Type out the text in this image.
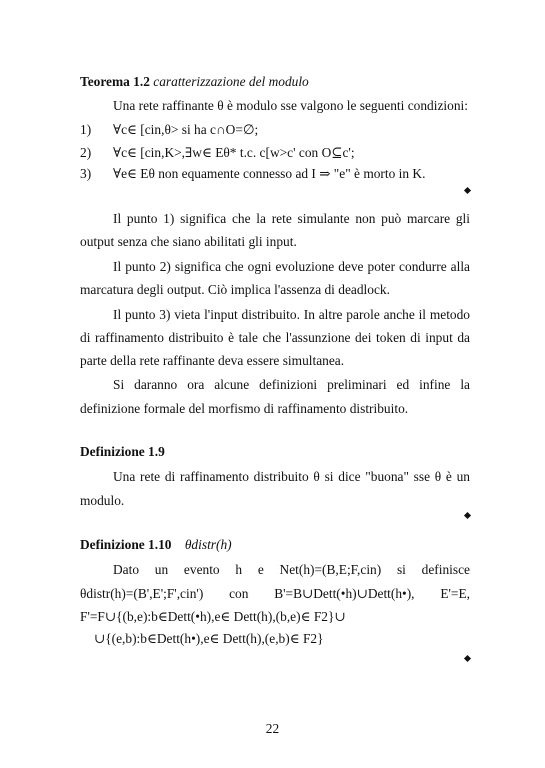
Teorema 1.2 caratterizzazione del modulo
Una rete raffinante θ è modulo sse valgono le seguenti condizioni:
1) ∀c∈ [cin,θ> si ha c∩O=∅;
2) ∀c∈ [cin,K>,∃w∈ Eθ* t.c. c[w>c' con O⊆c';
3) ∀e∈ Eθ non equamente connesso ad I ⇒ "e" è morto in K.
Il punto 1) significa che la rete simulante non può marcare gli
output senza che siano abilitati gli input.
Il punto 2) significa che ogni evoluzione deve poter condurre alla
marcatura degli output. Ciò implica l'assenza di deadlock.
Il punto 3) vieta l'input distribuito. In altre parole anche il metodo
di raffinamento distribuito è tale che l'assunzione dei token di input da
parte della rete raffinante deva essere simultanea.
Si daranno ora alcune definizioni preliminari ed infine la
definizione formale del morfismo di raffinamento distribuito.
Definizione 1.9
Una rete di raffinamento distribuito θ si dice "buona" sse θ è un
modulo.
Definizione 1.10 θdistr(h)
Dato un evento h e Net(h)=(B,E;F,cin) si definisce
θdistr(h)=(B',E';F',cin') con B'=B∪Dett(•h)∪Dett(h•), E'=E,
F'=F∪{(b,e):b∈Dett(•h),e∈ Dett(h),(b,e)∈ F2}∪
∪{(e,b):b∈Dett(h•),e∈ Dett(h),(e,b)∈ F2}
22
